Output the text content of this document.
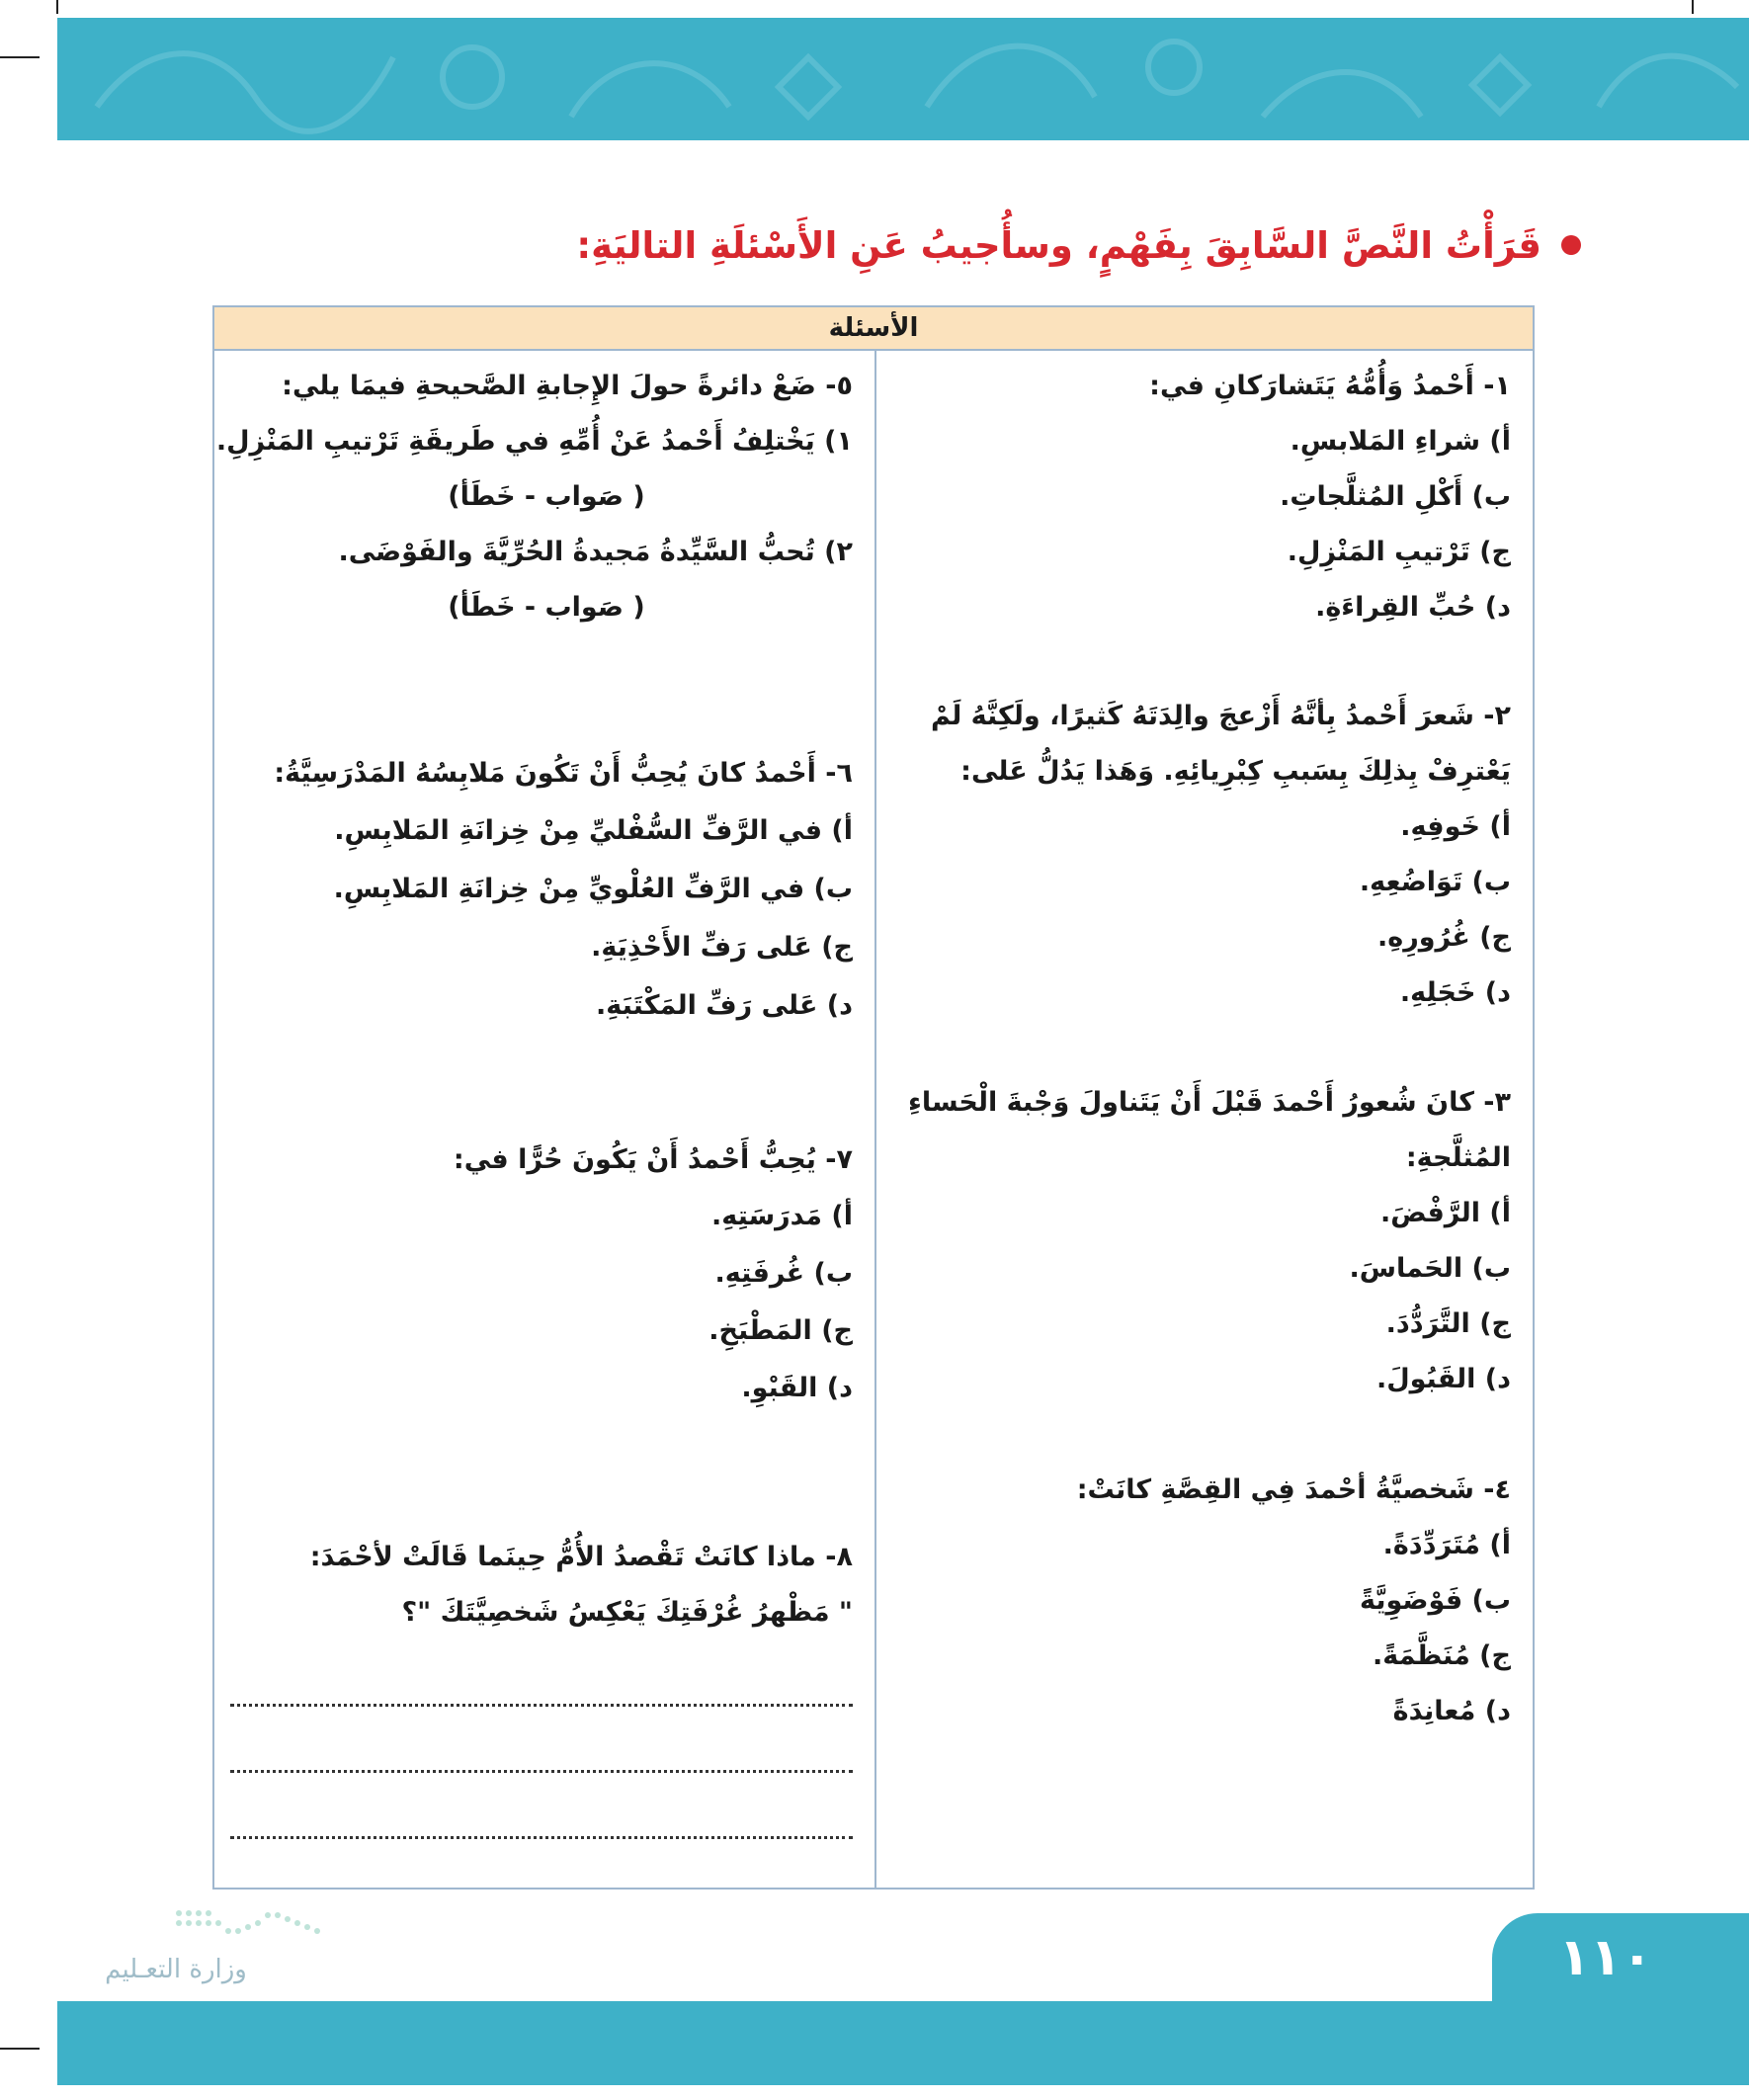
قَرَأْتُ النَّصَّ السَّابِقَ بِفَهْمٍ، وسأُجيبُ عَنِ الأَسْئلَةِ التاليَةِ:
الأسئلة
١- أَحْمدُ وَأُمُّهُ يَتَشارَكانِ في:
أ) شراءِ المَلابسِ.
ب) أَكْلِ المُثلَّجاتِ.
ج) تَرْتيبِ المَنْزِلِ.
د) حُبِّ القِراءَةِ.
٢- شَعرَ أَحْمدُ بِأنَّهُ أَزْعجَ والِدَتَهُ كَثيرًا، ولَكِنَّهُ لَمْ
يَعْترِفْ بِذلِكَ بِسَببِ كِبْرِيائِهِ. وَهَذا يَدُلُّ عَلى:
أ) خَوفِهِ.
ب) تَوَاضُعِهِ.
ج) غُرُورِهِ.
د) خَجَلِهِ.
٣- كانَ شُعورُ أَحْمدَ قَبْلَ أَنْ يَتَناولَ وَجْبةَ الْحَساءِ
المُثلَّجةِ:
أ) الرَّفْضَ.
ب) الحَماسَ.
ج) التَّرَدُّدَ.
د) القَبُولَ.
٤- شَخصيَّةُ أحْمدَ فِي القِصَّةِ كانَتْ:
أ) مُتَرَدِّدَةً.
ب) فَوْضَوِيَّةً
ج) مُنَظَّمَةً.
د) مُعانِدَةً
٥- ضَعْ دائرةً حولَ الإِجابةِ الصَّحيحةِ فيمَا يلي:
١) يَخْتلِفُ أَحْمدُ عَنْ أُمِّهِ في طَريقَةِ تَرْتيبِ المَنْزِلِ.
( صَواب - خَطَأ)
٢) تُحبُّ السَّيِّدةُ مَجيدةُ الحُرِّيَّةَ والفَوْضَى.
( صَواب - خَطَأ)
٦- أَحْمدُ كانَ يُحِبُّ أَنْ تَكُونَ مَلابِسُهُ المَدْرَسِيَّةُ:
أ) في الرَّفِّ السُّفْليِّ مِنْ خِزانَةِ المَلابِسِ.
ب) في الرَّفِّ العُلْويِّ مِنْ خِزانَةِ المَلابِسِ.
ج) عَلى رَفِّ الأَحْذِيَةِ.
د) عَلى رَفِّ المَكْتَبَةِ.
٧- يُحِبُّ أَحْمدُ أَنْ يَكُونَ حُرًّا في:
أ) مَدرَسَتِهِ.
ب) غُرفَتِهِ.
ج) المَطْبَخِ.
د) القَبْوِ.
٨- ماذا كانَتْ تَقْصدُ الأُمُّ حِينَما قَالَتْ لأحْمَدَ:
" مَظْهرُ غُرْفَتِكَ يَعْكِسُ شَخصِيَّتَكَ "؟
وزارة التعـليم	١١٠
